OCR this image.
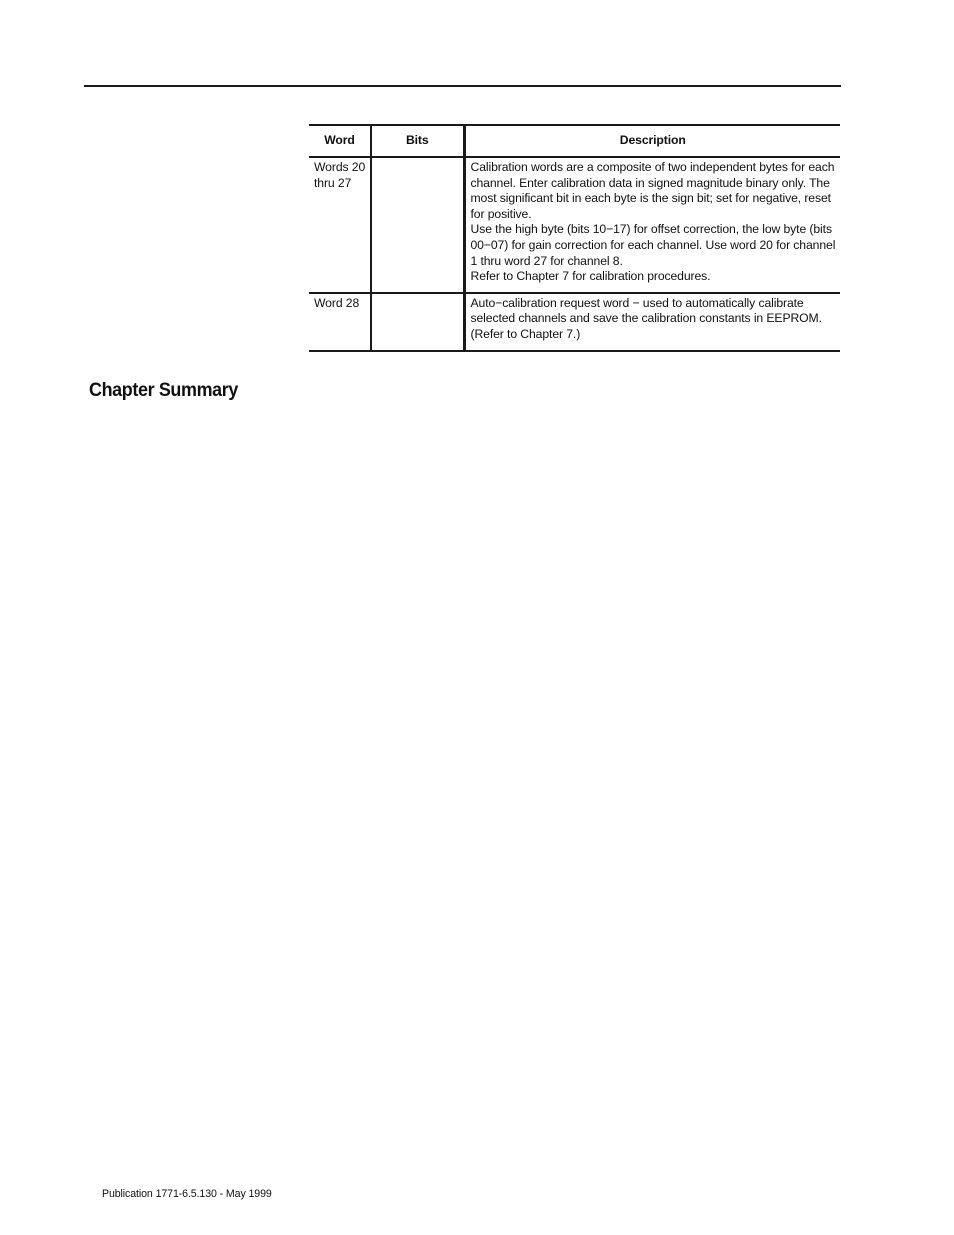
Word	Bits	Description
Words 20
thru 27		Calibration words are a composite of two independent bytes for each channel. Enter calibration data in signed magnitude binary only. The most significant bit in each byte is the sign bit; set for negative, reset for positive.
Use the high byte (bits 10−17) for offset correction, the low byte (bits 00−07) for gain correction for each channel. Use word 20 for channel 1 thru word 27 for channel 8.
Refer to Chapter 7 for calibration procedures.

Word 28		Auto−calibration request word − used to automatically calibrate selected channels and save the calibration constants in EEPROM. (Refer to Chapter 7.)
Chapter Summary
Publication 1771-6.5.130 - May 1999
